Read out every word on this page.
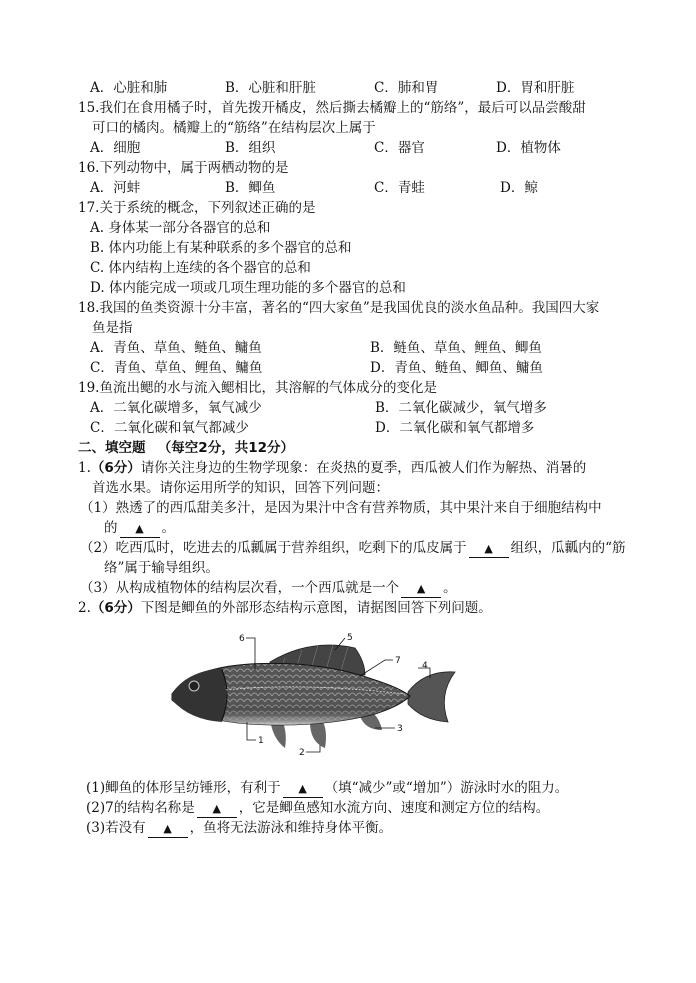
A．心脏和肺	B．心脏和肝脏	C．肺和胃	D．胃和肝脏
15.我们在食用橘子时，首先拨开橘皮，然后撕去橘瓣上的“筋络”，最后可以品尝酸甜
可口的橘肉。橘瓣上的“筋络”在结构层次上属于
A．细胞	B．组织	C．器官	D．植物体
16.下列动物中，属于两栖动物的是
A．河蚌	B．鲫鱼	C．青蛙	D．鲸
17.关于系统的概念，下列叙述正确的是
A. 身体某一部分各器官的总和
B. 体内功能上有某种联系的多个器官的总和
C. 体内结构上连续的各个器官的总和
D. 体内能完成一项或几项生理功能的多个器官的总和
18.我国的鱼类资源十分丰富，著名的“四大家鱼”是我国优良的淡水鱼品种。我国四大家
鱼是指
A．青鱼、草鱼、鲢鱼、鳙鱼	B．鲢鱼、草鱼、鲤鱼、鲫鱼
C．青鱼、草鱼、鲤鱼、鳙鱼	D．青鱼、鲢鱼、鲫鱼、鳙鱼
19.鱼流出鳃的水与流入鳃相比，其溶解的气体成分的变化是
A．二氧化碳增多，氧气减少	B．二氧化碳减少，氧气增多
C．二氧化碳和氧气都减少	D．二氧化碳和氧气都增多
二、填空题 （每空2分，共12分）
1.（6分）请你关注身边的生物学现象：在炎热的夏季，西瓜被人们作为解热、消暑的
首选水果。请你运用所学的知识，回答下列问题：
（1）熟透了的西瓜甜美多汁，是因为果汁中含有营养物质，其中果汁来自于细胞结构中
的 ▲ 。
（2）吃西瓜时，吃进去的瓜瓤属于营养组织，吃剩下的瓜皮属于 ▲ 组织，瓜瓤内的“筋
络”属于输导组织。
（3）从构成植物体的结构层次看，一个西瓜就是一个 ▲ 。
2.（6分）下图是鲫鱼的外部形态结构示意图，请据图回答下列问题。
6	5
7 4
1
2
3
(1)鲫鱼的体形呈纺锤形，有利于 ▲ （填“减少”或“增加”）游泳时水的阻力。
(2)7的结构名称是 ▲ ，它是鲫鱼感知水流方向、速度和测定方位的结构。
(3)若没有 ▲ ，鱼将无法游泳和维持身体平衡。
